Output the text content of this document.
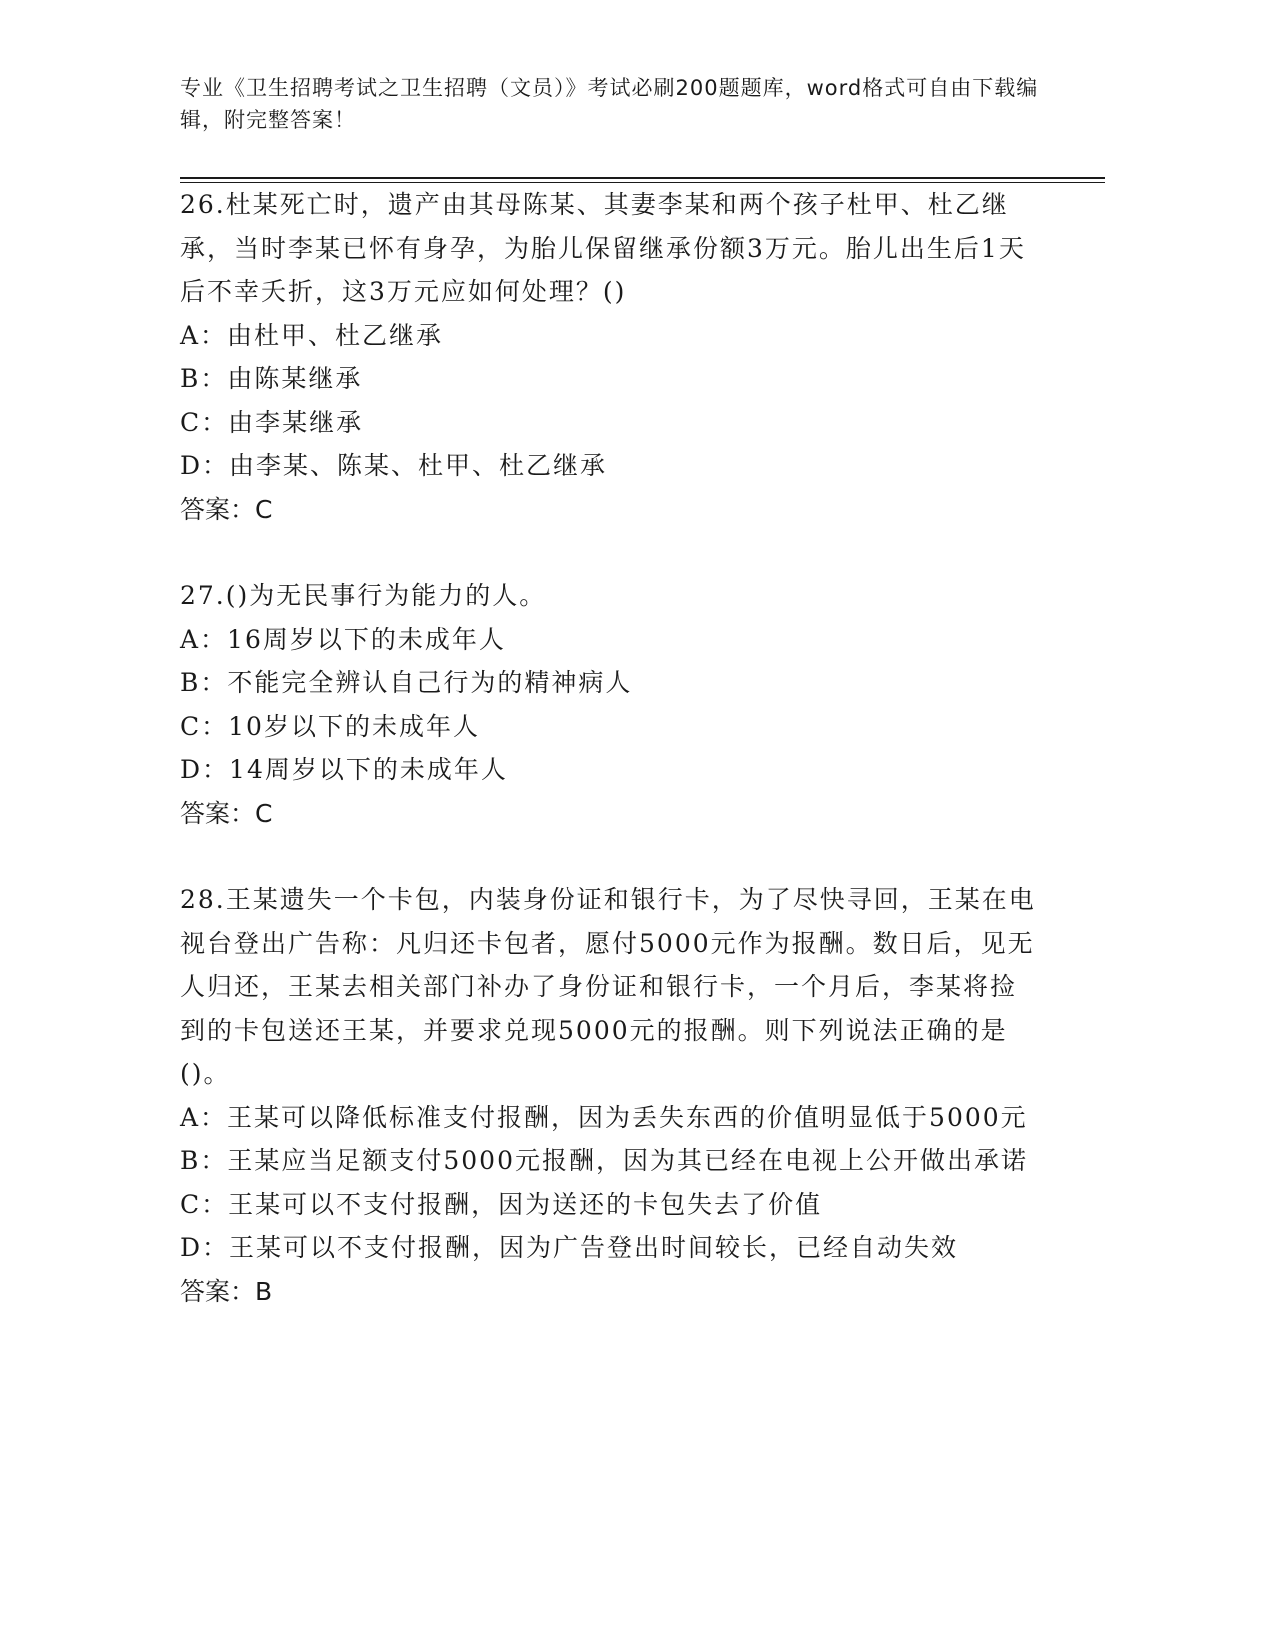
专业《卫生招聘考试之卫生招聘（文员）》考试必刷200题题库，word格式可自由下载编辑，附完整答案！

26.杜某死亡时，遗产由其母陈某、其妻李某和两个孩子杜甲、杜乙继承，当时李某已怀有身孕，为胎儿保留继承份额3万元。胎儿出生后1天后不幸夭折，这3万元应如何处理？()

A：由杜甲、杜乙继承

B：由陈某继承

C：由李某继承

D：由李某、陈某、杜甲、杜乙继承

答案：C

27.()为无民事行为能力的人。

A：16周岁以下的未成年人

B：不能完全辨认自己行为的精神病人

C：10岁以下的未成年人

D：14周岁以下的未成年人

答案：C

28.王某遗失一个卡包，内装身份证和银行卡，为了尽快寻回，王某在电视台登出广告称：凡归还卡包者，愿付5000元作为报酬。数日后，见无人归还，王某去相关部门补办了身份证和银行卡，一个月后，李某将捡到的卡包送还王某，并要求兑现5000元的报酬。则下列说法正确的是()。

A：王某可以降低标准支付报酬，因为丢失东西的价值明显低于5000元

B：王某应当足额支付5000元报酬，因为其已经在电视上公开做出承诺

C：王某可以不支付报酬，因为送还的卡包失去了价值

D：王某可以不支付报酬，因为广告登出时间较长，已经自动失效

答案：B
